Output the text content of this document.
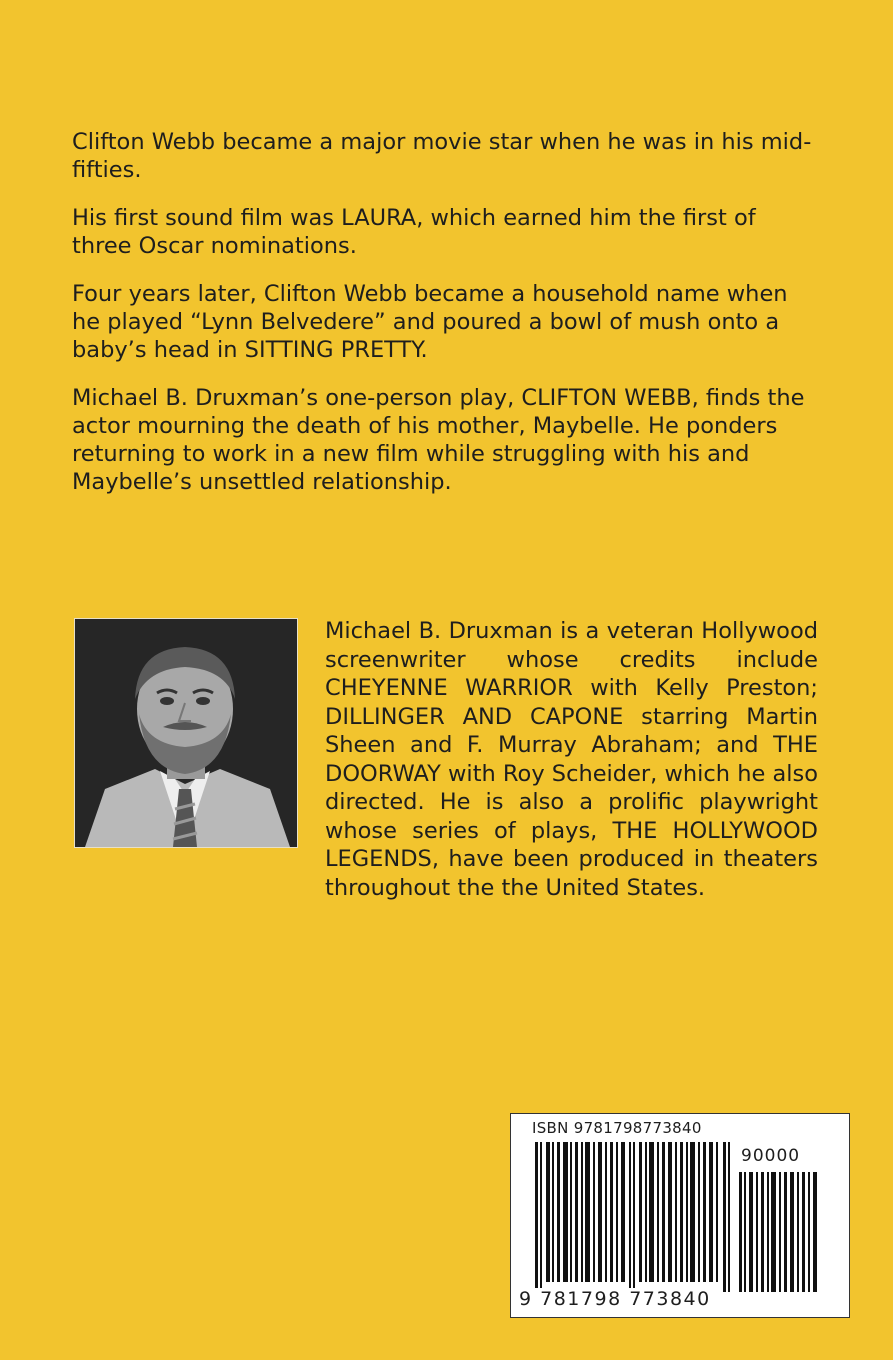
Clifton Webb became a major movie star when he was in his mid-fifties.

His first sound film was LAURA, which earned him the first of three Oscar nominations.

Four years later, Clifton Webb became a household name when he played “Lynn Belvedere” and poured a bowl of mush onto a baby’s head in SITTING PRETTY.

Michael B. Druxman’s one-person play, CLIFTON WEBB, finds the actor mourning the death of his mother, Maybelle. He ponders returning to work in a new film while struggling with his and Maybelle’s unsettled relationship.

Michael B. Druxman is a veteran Hollywood screenwriter whose credits include CHEYENNE WARRIOR with Kelly Preston; DILLINGER AND CAPONE starring Martin Sheen and F. Murray Abraham; and THE DOORWAY with Roy Scheider, which he also directed. He is also a prolific playwright whose series of plays, THE HOLLYWOOD LEGENDS, have been produced in theaters throughout the the United States.

ISBN 9781798773840
90000
9 781798 773840
